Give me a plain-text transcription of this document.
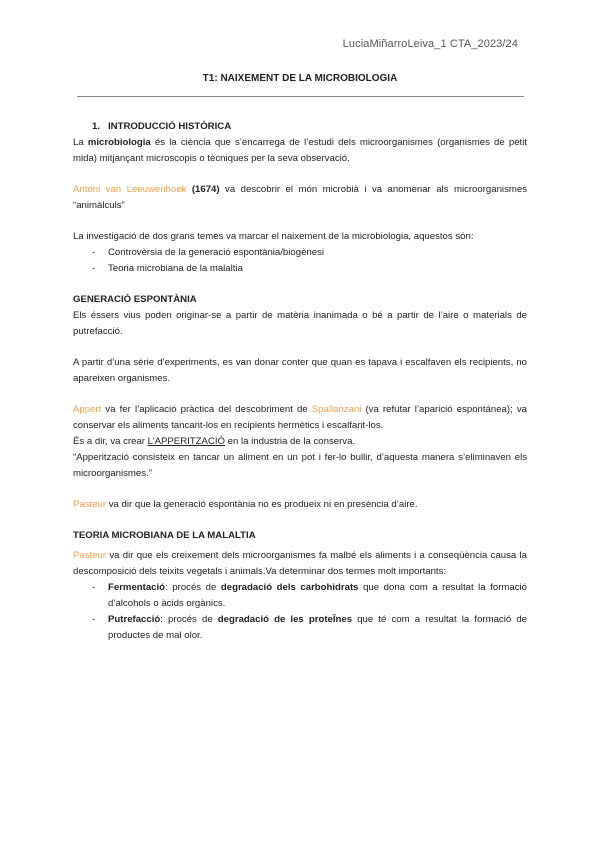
LuciaMiñarroLeiva_1 CTA_2023/24
T1: NAIXEMENT DE LA MICROBIOLOGIA

1. INTRODUCCIÓ HISTÒRICA

La microbiologia és la ciència que s’encarrega de l’estudi dels microorganismes (organismes de petit mida) mitjançant microscopis o tècniques per la seva observació.

Antoni van Leeuwenhoek (1674) va descobrir el món microbià i va anomenar als microorganismes “animàlculs”

La investigació de dos grans temes va marcar el naixement de la microbiologia, aquestos són:

- Controvèrsia de la generació espontània/biogènesi
- Teoria microbiana de la malaltia

GENERACIÓ ESPONTÀNIA

Els éssers vius poden originar-se a partir de matèria inanimada o bé a partir de l’aire o materials de putrefacció.

A partir d’una sèrie d’experiments, es van donar conter que quan es tapava i escalfaven els recipients, no apareixen organismes.

Appert va fer l’aplicació pràctica del descobriment de Spallanzani (va refutar l’aparició espontánea); va conservar els aliments tancant-los en recipients hermètics i escalfant-los.

És a dir, va crear L’APPERITZACIÓ en la industria de la conserva.

“Apperització consisteix en tancar un aliment en un pot i fer-lo bullir, d’aquesta manera s’eliminaven els microorganismes.”

Pasteur va dir que la generació espontània no es produeix ni en presència d’aire.

TEORIA MICROBIANA DE LA MALALTIA

Pasteur va dir que els creixement dels microorganismes fa malbé els aliments i a conseqüència causa la descomposició dels teixits vegetals i animals.Va determinar dos termes molt importants:

- Fermentació: procés de degradació dels carbohidrats que dona com a resultat la formació d’alcohols o àcids orgànics.
- Putrefacció: procés de degradació de les proteÏnes que té com a resultat la formació de productes de mal olor.
